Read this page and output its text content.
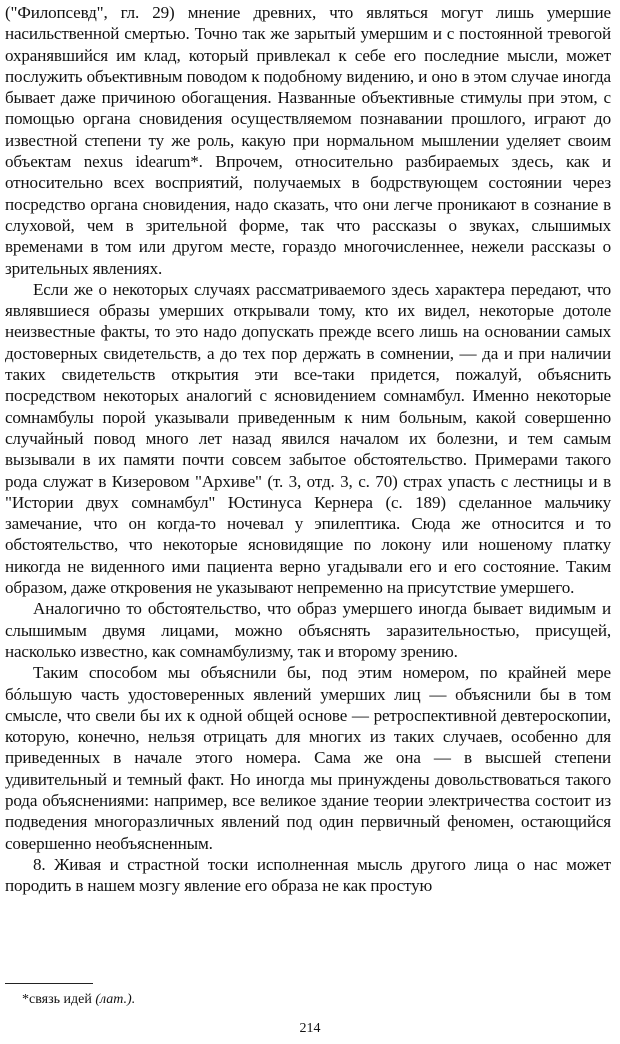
("Филопсевд", гл. 29) мнение древних, что являться могут лишь умершие насильственной смертью. Точно так же зарытый умершим и с постоянной тревогой охранявшийся им клад, который привлекал к себе его последние мысли, может послужить объективным поводом к подобному видению, и оно в этом случае иногда бывает даже причиною обогащения. Названные объективные стимулы при этом, с помощью органа сновидения осуществляемом познавании прошлого, играют до известной степени ту же роль, какую при нормальном мышлении уделяет своим объектам nexus idearum*. Впрочем, относительно разбираемых здесь, как и относительно всех восприятий, получаемых в бодрствующем состоянии через посредство органа сновидения, надо сказать, что они легче проникают в сознание в слуховой, чем в зрительной форме, так что рассказы о звуках, слышимых временами в том или другом месте, гораздо многочисленнее, нежели рассказы о зрительных явлениях.

Если же о некоторых случаях рассматриваемого здесь характера передают, что являвшиеся образы умерших открывали тому, кто их видел, некоторые дотоле неизвестные факты, то это надо допускать прежде всего лишь на основании самых достоверных свидетельств, а до тех пор держать в сомнении, — да и при наличии таких свидетельств открытия эти все-таки придется, пожалуй, объяснить посредством некоторых аналогий с ясновидением сомнамбул. Именно некоторые сомнамбулы порой указывали приведенным к ним больным, какой совершенно случайный повод много лет назад явился началом их болезни, и тем самым вызывали в их памяти почти совсем забытое обстоятельство. Примерами такого рода служат в Кизеровом "Архиве" (т. 3, отд. 3, с. 70) страх упасть с лестницы и в "Истории двух сомнамбул" Юстинуса Кернера (с. 189) сделанное мальчику замечание, что он когда-то ночевал у эпилептика. Сюда же относится и то обстоятельство, что некоторые ясновидящие по локону или ношеному платку никогда не виденного ими пациента верно угадывали его и его состояние. Таким образом, даже откровения не указывают непременно на присутствие умершего.

Аналогично то обстоятельство, что образ умершего иногда бывает видимым и слышимым двумя лицами, можно объяснять заразительностью, присущей, насколько известно, как сомнамбулизму, так и второму зрению.

Таким способом мы объяснили бы, под этим номером, по крайней мере бóльшую часть удостоверенных явлений умерших лиц — объяснили бы в том смысле, что свели бы их к одной общей основе — ретроспективной девтероскопии, которую, конечно, нельзя отрицать для многих из таких случаев, особенно для приведенных в начале этого номера. Сама же она — в высшей степени удивительный и темный факт. Но иногда мы принуждены довольствоваться такого рода объяснениями: например, все великое здание теории электричества состоит из подведения многоразличных явлений под один первичный феномен, остающийся совершенно необъясненным.

8. Живая и страстной тоски исполненная мысль другого лица о нас может породить в нашем мозгу явление его образа не как простую

*связь идей (лат.).
214
